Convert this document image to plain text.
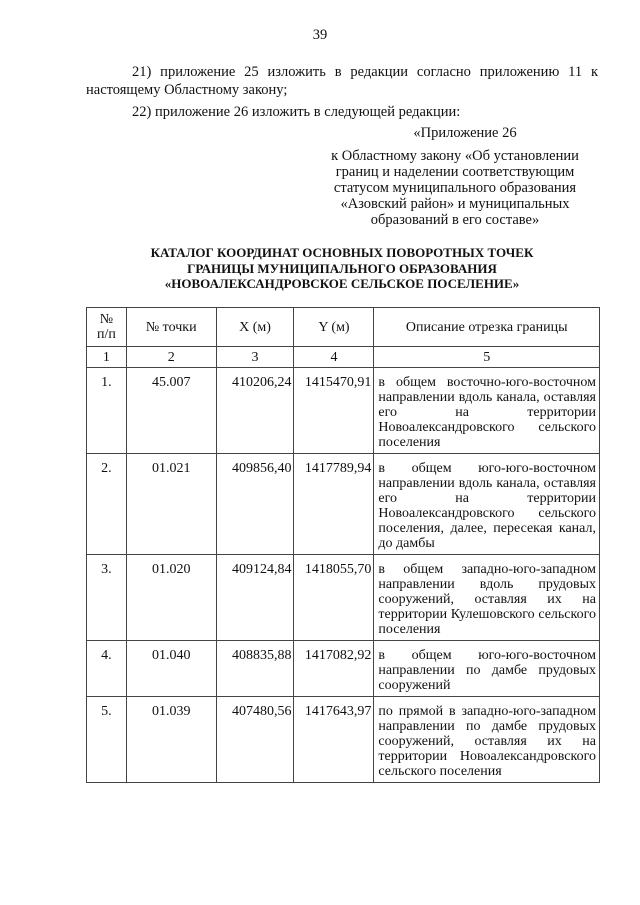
39
21) приложение 25 изложить в редакции согласно приложению 11 к настоящему Областному закону;
22) приложение 26 изложить в следующей редакции:
«Приложение 26
к Областному закону «Об установлении границ и наделении соответствующим статусом муниципального образования «Азовский район» и муниципальных образований в его составе»
КАТАЛОГ КООРДИНАТ ОСНОВНЫХ ПОВОРОТНЫХ ТОЧЕК
ГРАНИЦЫ МУНИЦИПАЛЬНОГО ОБРАЗОВАНИЯ
«НОВОАЛЕКСАНДРОВСКОЕ СЕЛЬСКОЕ ПОСЕЛЕНИЕ»
№
п/п	№ точки	X (м)	Y (м)	Описание отрезка границы
1	2	3	4	5
1.	45.007	410206,24	1415470,91	в общем восточно-юго-восточном направлении вдоль канала, оставляя его на территории Новоалександровского сельского поселения
2.	01.021	409856,40	1417789,94	в общем юго-юго-восточном направлении вдоль канала, оставляя его на территории Новоалександровского сельского поселения, далее, пересекая канал, до дамбы
3.	01.020	409124,84	1418055,70	в общем западно-юго-западном направлении вдоль прудовых сооружений, оставляя их на территории Кулешовского сельского поселения
4.	01.040	408835,88	1417082,92	в общем юго-юго-восточном направлении по дамбе прудовых сооружений
5.	01.039	407480,56	1417643,97	по прямой в западно-юго-западном направлении по дамбе прудовых сооружений, оставляя их на территории Новоалександровского сельского поселения
